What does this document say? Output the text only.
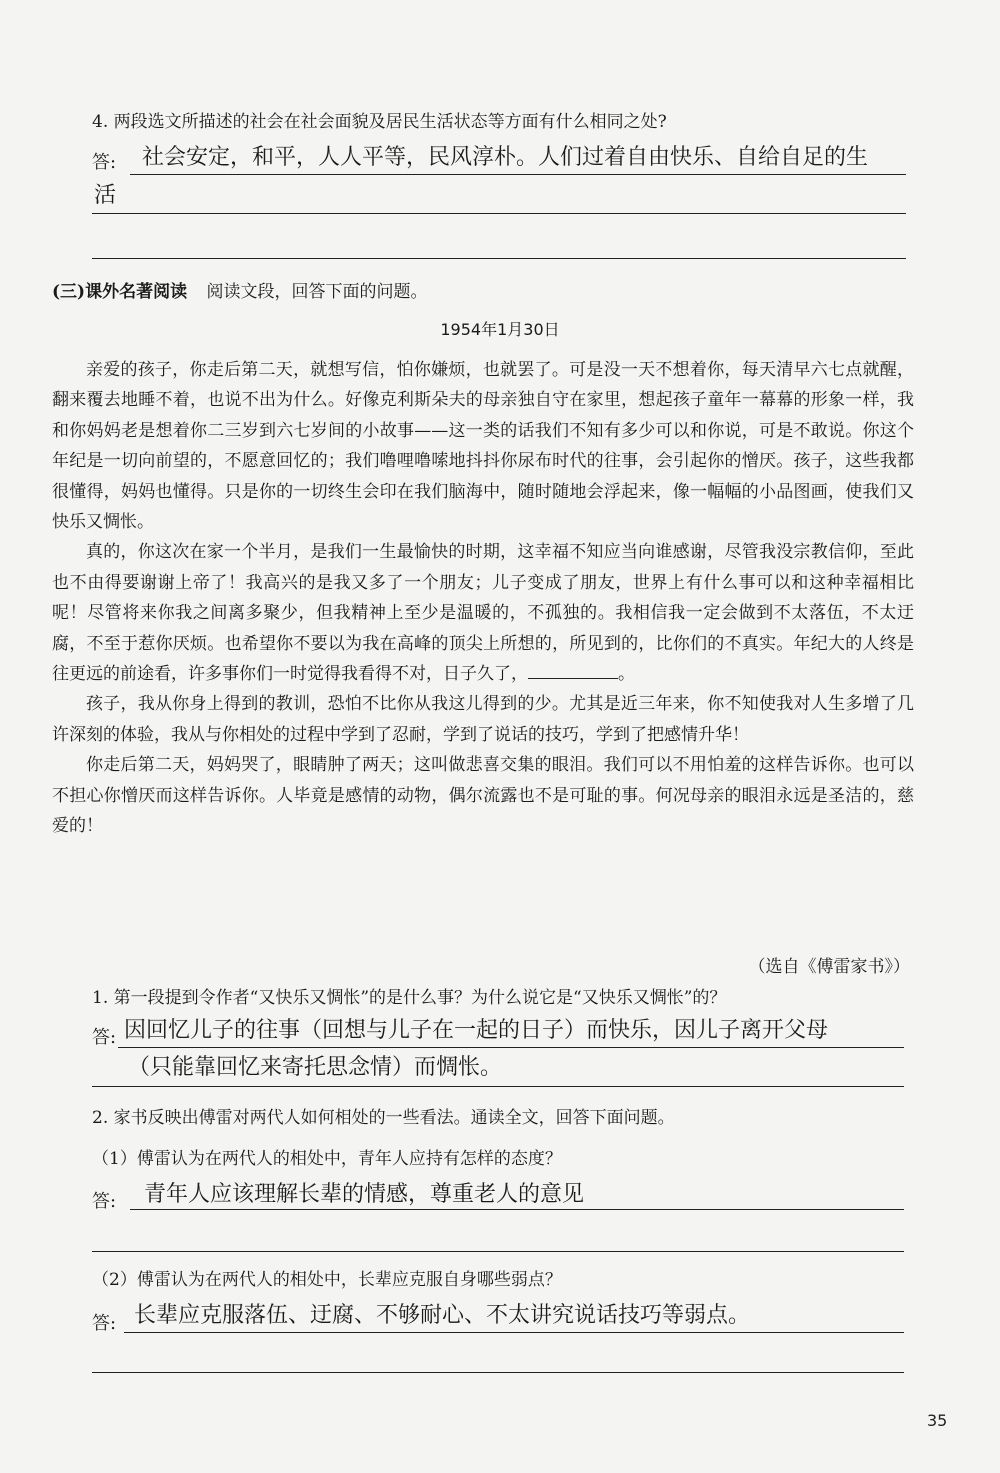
4. 两段选文所描述的社会在社会面貌及居民生活状态等方面有什么相同之处?
答: 社会安定，和平，人人平等，民风淳朴。人们过着自由快乐、自给自足的生
活
(三)课外名著阅读 阅读文段，回答下面的问题。
1954年1月30日

亲爱的孩子，你走后第二天，就想写信，怕你嫌烦，也就罢了。可是没一天不想着你，每天清早六七点就醒，翻来覆去地睡不着，也说不出为什么。好像克利斯朵夫的母亲独自守在家里，想起孩子童年一幕幕的形象一样，我和你妈妈老是想着你二三岁到六七岁间的小故事——这一类的话我们不知有多少可以和你说，可是不敢说。你这个年纪是一切向前望的，不愿意回忆的；我们噜哩噜嗦地抖抖你尿布时代的往事，会引起你的憎厌。孩子，这些我都很懂得，妈妈也懂得。只是你的一切终生会印在我们脑海中，随时随地会浮起来，像一幅幅的小品图画，使我们又快乐又惆怅。

真的，你这次在家一个半月，是我们一生最愉快的时期，这幸福不知应当向谁感谢，尽管我没宗教信仰，至此也不由得要谢谢上帝了！我高兴的是我又多了一个朋友；儿子变成了朋友，世界上有什么事可以和这种幸福相比呢！尽管将来你我之间离多聚少，但我精神上至少是温暖的，不孤独的。我相信我一定会做到不太落伍，不太迂腐，不至于惹你厌烦。也希望你不要以为我在高峰的顶尖上所想的，所见到的，比你们的不真实。年纪大的人终是往更远的前途看，许多事你们一时觉得我看得不对，日子久了，	。

孩子，我从你身上得到的教训，恐怕不比你从我这儿得到的少。尤其是近三年来，你不知使我对人生多增了几许深刻的体验，我从与你相处的过程中学到了忍耐，学到了说话的技巧，学到了把感情升华！

你走后第二天，妈妈哭了，眼睛肿了两天；这叫做悲喜交集的眼泪。我们可以不用怕羞的这样告诉你。也可以不担心你憎厌而这样告诉你。人毕竟是感情的动物，偶尔流露也不是可耻的事。何况母亲的眼泪永远是圣洁的，慈爱的！

（选自《傅雷家书》）
1. 第一段提到令作者“又快乐又惆怅”的是什么事？为什么说它是“又快乐又惆怅”的？
答: 因回忆儿子的往事（回想与儿子在一起的日子）而快乐，因儿子离开父母
（只能靠回忆来寄托思念情）而惆怅。
2. 家书反映出傅雷对两代人如何相处的一些看法。通读全文，回答下面问题。
（1）傅雷认为在两代人的相处中，青年人应持有怎样的态度？
答: 青年人应该理解长辈的情感，尊重老人的意见
（2）傅雷认为在两代人的相处中，长辈应克服自身哪些弱点？
答: 长辈应克服落伍、迂腐、不够耐心、不太讲究说话技巧等弱点。
35
